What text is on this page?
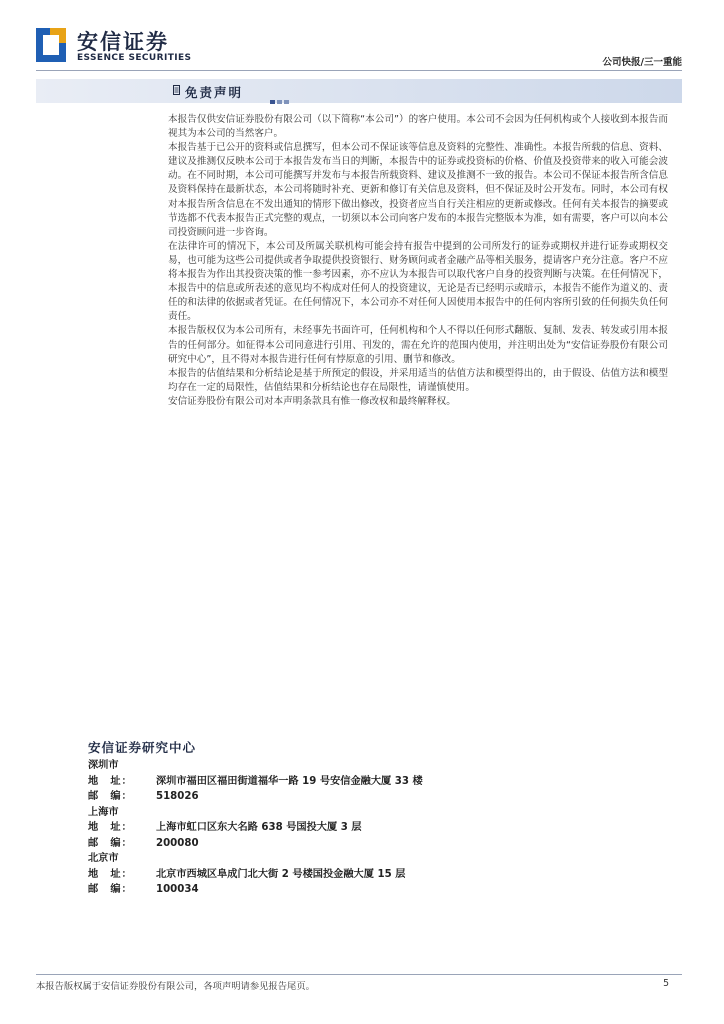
安信证券
ESSENCE SECURITIES	公司快报/三一重能
免责声明

本报告仅供安信证券股份有限公司（以下简称“本公司”）的客户使用。本公司不会因为任何机构或个人接收到本报告而视其为本公司的当然客户。

本报告基于已公开的资料或信息撰写，但本公司不保证该等信息及资料的完整性、准确性。本报告所载的信息、资料、建议及推测仅反映本公司于本报告发布当日的判断，本报告中的证券或投资标的价格、价值及投资带来的收入可能会波动。在不同时期，本公司可能撰写并发布与本报告所载资料、建议及推测不一致的报告。本公司不保证本报告所含信息及资料保持在最新状态，本公司将随时补充、更新和修订有关信息及资料，但不保证及时公开发布。同时，本公司有权对本报告所含信息在不发出通知的情形下做出修改，投资者应当自行关注相应的更新或修改。任何有关本报告的摘要或节选都不代表本报告正式完整的观点，一切须以本公司向客户发布的本报告完整版本为准，如有需要，客户可以向本公司投资顾问进一步咨询。

在法律许可的情况下，本公司及所属关联机构可能会持有报告中提到的公司所发行的证券或期权并进行证券或期权交易，也可能为这些公司提供或者争取提供投资银行、财务顾问或者金融产品等相关服务，提请客户充分注意。客户不应将本报告为作出其投资决策的惟一参考因素，亦不应认为本报告可以取代客户自身的投资判断与决策。在任何情况下，本报告中的信息或所表述的意见均不构成对任何人的投资建议，无论是否已经明示或暗示，本报告不能作为道义的、责任的和法律的依据或者凭证。在任何情况下，本公司亦不对任何人因使用本报告中的任何内容所引致的任何损失负任何责任。

本报告版权仅为本公司所有，未经事先书面许可，任何机构和个人不得以任何形式翻版、复制、发表、转发或引用本报告的任何部分。如征得本公司同意进行引用、刊发的，需在允许的范围内使用，并注明出处为“安信证券股份有限公司研究中心”，且不得对本报告进行任何有悖原意的引用、删节和修改。

本报告的估值结果和分析结论是基于所预定的假设，并采用适当的估值方法和模型得出的，由于假设、估值方法和模型均存在一定的局限性，估值结果和分析结论也存在局限性，请谨慎使用。

安信证券股份有限公司对本声明条款具有惟一修改权和最终解释权。

安信证券研究中心
深圳市
地　址：	深圳市福田区福田街道福华一路 19 号安信金融大厦 33 楼
邮　编：	518026
上海市
地　址：	上海市虹口区东大名路 638 号国投大厦 3 层
邮　编：	200080
北京市
地　址：	北京市西城区阜成门北大街 2 号楼国投金融大厦 15 层
邮　编：	100034
本报告版权属于安信证券股份有限公司，各项声明请参见报告尾页。	5
